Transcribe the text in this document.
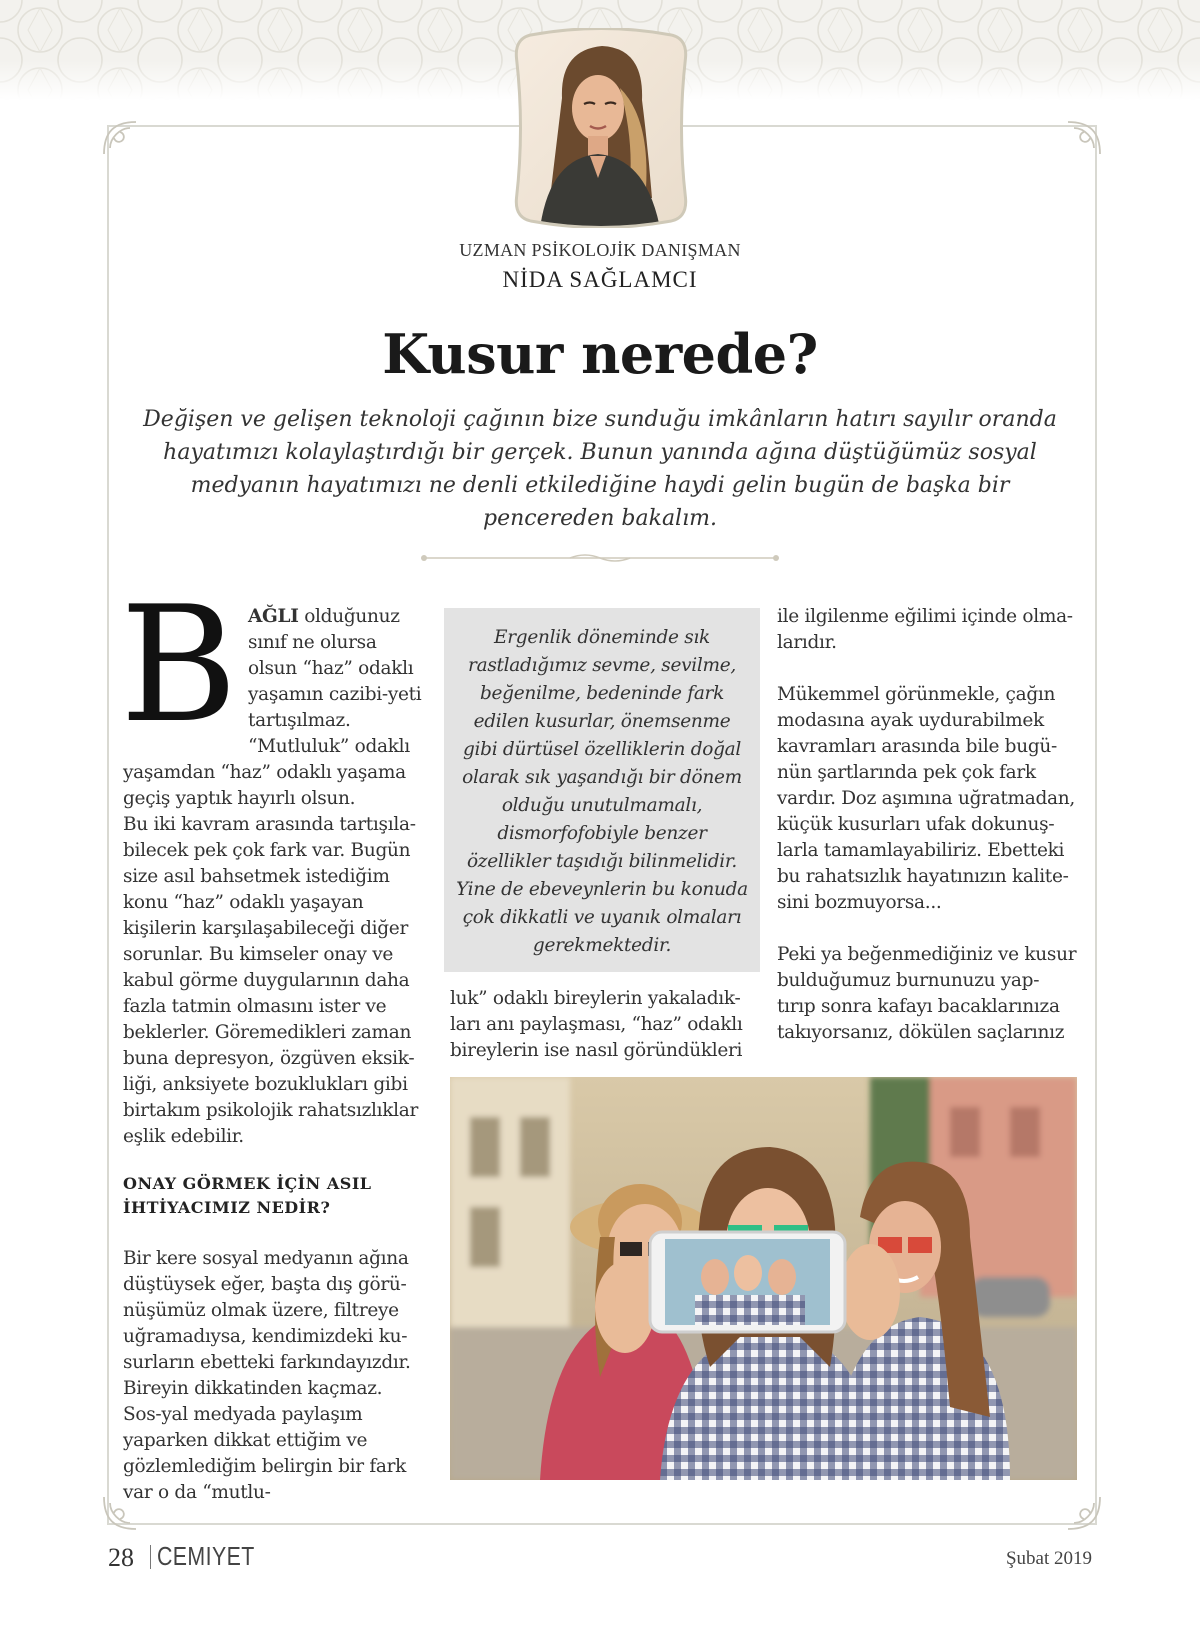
UZMAN PSİKOLOJİK DANIŞMAN
NİDA SAĞLAMCI
Kusur nerede?
Değişen ve gelişen teknoloji çağının bize sunduğu imkânların hatırı sayılır oranda hayatımızı kolaylaştırdığı bir gerçek. Bunun yanında ağına düştüğümüz sosyal medyanın hayatımızı ne denli etkilediğine haydi gelin bugün de başka bir pencereden bakalım.
B AĞLI olduğunuz sınıf ne olursa olsun “haz” odaklı yaşamın cazibi-yeti tartışılmaz. “Mutluluk” odaklı

yaşamdan “haz” odaklı yaşama geçiş yaptık hayırlı olsun.

Bu iki kavram arasında tartışıla-bilecek pek çok fark var. Bugün size asıl bahsetmek istediğim konu “haz” odaklı yaşayan kişilerin karşılaşabileceği diğer sorunlar. Bu kimseler onay ve kabul görme duygularının daha fazla tatmin olmasını ister ve beklerler. Göremedikleri zaman buna depresyon, özgüven eksik-liği, anksiyete bozuklukları gibi birtakım psikolojik rahatsızlıklar eşlik edebilir.

ONAY GÖRMEK İÇİN ASIL İHTİYACIMIZ NEDİR?

Bir kere sosyal medyanın ağına düştüysek eğer, başta dış görü-nüşümüz olmak üzere, filtreye uğramadıysa, kendimizdeki ku-surların ebetteki farkındayızdır. Bireyin dikkatinden kaçmaz. Sos-yal medyada paylaşım yaparken dikkat ettiğim ve gözlemlediğim belirgin bir fark var o da “mutlu-

Ergenlik döneminde sık rastladığımız sevme, sevilme, beğenilme, bedeninde fark edilen kusurlar, önemsenme gibi dürtüsel özelliklerin doğal olarak sık yaşandığı bir dönem olduğu unutulmamalı, dismorfofobiyle benzer özellikler taşıdığı bilinmelidir. Yine de ebeveynlerin bu konuda çok dikkatli ve uyanık olmaları gerekmektedir.

luk” odaklı bireylerin yakaladık-ları anı paylaşması, “haz” odaklı bireylerin ise nasıl göründükleri

ile ilgilenme eğilimi içinde olma-larıdır.

Mükemmel görünmekle, çağın modasına ayak uydurabilmek kavramları arasında bile bugü-nün şartlarında pek çok fark vardır. Doz aşımına uğratmadan, küçük kusurları ufak dokunuş-larla tamamlayabiliriz. Ebetteki bu rahatsızlık hayatınızın kalite-sini bozmuyorsa...

Peki ya beğenmediğiniz ve kusur bulduğumuz burnunuzu yap-tırıp sonra kafayı bacaklarınıza takıyorsanız, dökülen saçlarınız

28 CEMIYET	Şubat 2019
